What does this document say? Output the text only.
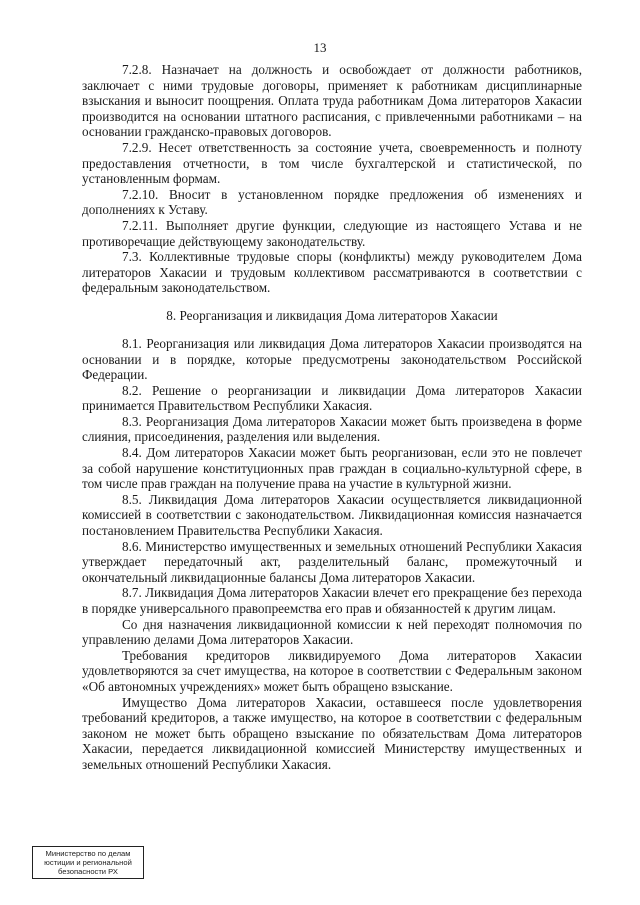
13

7.2.8. Назначает на должность и освобождает от должности работников, заключает с ними трудовые договоры, применяет к работникам дисциплинарные взыскания и выносит поощрения. Оплата труда работникам Дома литераторов Хакасии производится на основании штатного расписания, с привлеченными работниками – на основании гражданско-правовых договоров.

7.2.9. Несет ответственность за состояние учета, своевременность и полноту предоставления отчетности, в том числе бухгалтерской и статистической, по установленным формам.

7.2.10. Вносит в установленном порядке предложения об изменениях и дополнениях к Уставу.

7.2.11. Выполняет другие функции, следующие из настоящего Устава и не противоречащие действующему законодательству.

7.3. Коллективные трудовые споры (конфликты) между руководителем Дома литераторов Хакасии и трудовым коллективом рассматриваются в соответствии с федеральным законодательством.

8. Реорганизация и ликвидация Дома литераторов Хакасии

8.1. Реорганизация или ликвидация Дома литераторов Хакасии производятся на основании и в порядке, которые предусмотрены законодательством Российской Федерации.

8.2. Решение о реорганизации и ликвидации Дома литераторов Хакасии принимается Правительством Республики Хакасия.

8.3. Реорганизация Дома литераторов Хакасии может быть произведена в форме слияния, присоединения, разделения или выделения.

8.4. Дом литераторов Хакасии может быть реорганизован, если это не повлечет за собой нарушение конституционных прав граждан в социально-культурной сфере, в том числе прав граждан на получение права на участие в культурной жизни.

8.5. Ликвидация Дома литераторов Хакасии осуществляется ликвидационной комиссией в соответствии с законодательством. Ликвидационная комиссия назначается постановлением Правительства Республики Хакасия.

8.6. Министерство имущественных и земельных отношений Республики Хакасия утверждает передаточный акт, разделительный баланс, промежуточный и окончательный ликвидационные балансы Дома литераторов Хакасии.

8.7. Ликвидация Дома литераторов Хакасии влечет его прекращение без перехода в порядке универсального правопреемства его прав и обязанностей к другим лицам.

Со дня назначения ликвидационной комиссии к ней переходят полномочия по управлению делами Дома литераторов Хакасии.

Требования кредиторов ликвидируемого Дома литераторов Хакасии удовлетворяются за счет имущества, на которое в соответствии с Федеральным законом «Об автономных учреждениях» может быть обращено взыскание.

Имущество Дома литераторов Хакасии, оставшееся после удовлетворения требований кредиторов, а также имущество, на которое в соответствии с федеральным законом не может быть обращено взыскание по обязательствам Дома литераторов Хакасии, передается ликвидационной комиссией Министерству имущественных и земельных отношений Республики Хакасия.

Министерство по делам
юстиции и региональной
безопасности РХ
